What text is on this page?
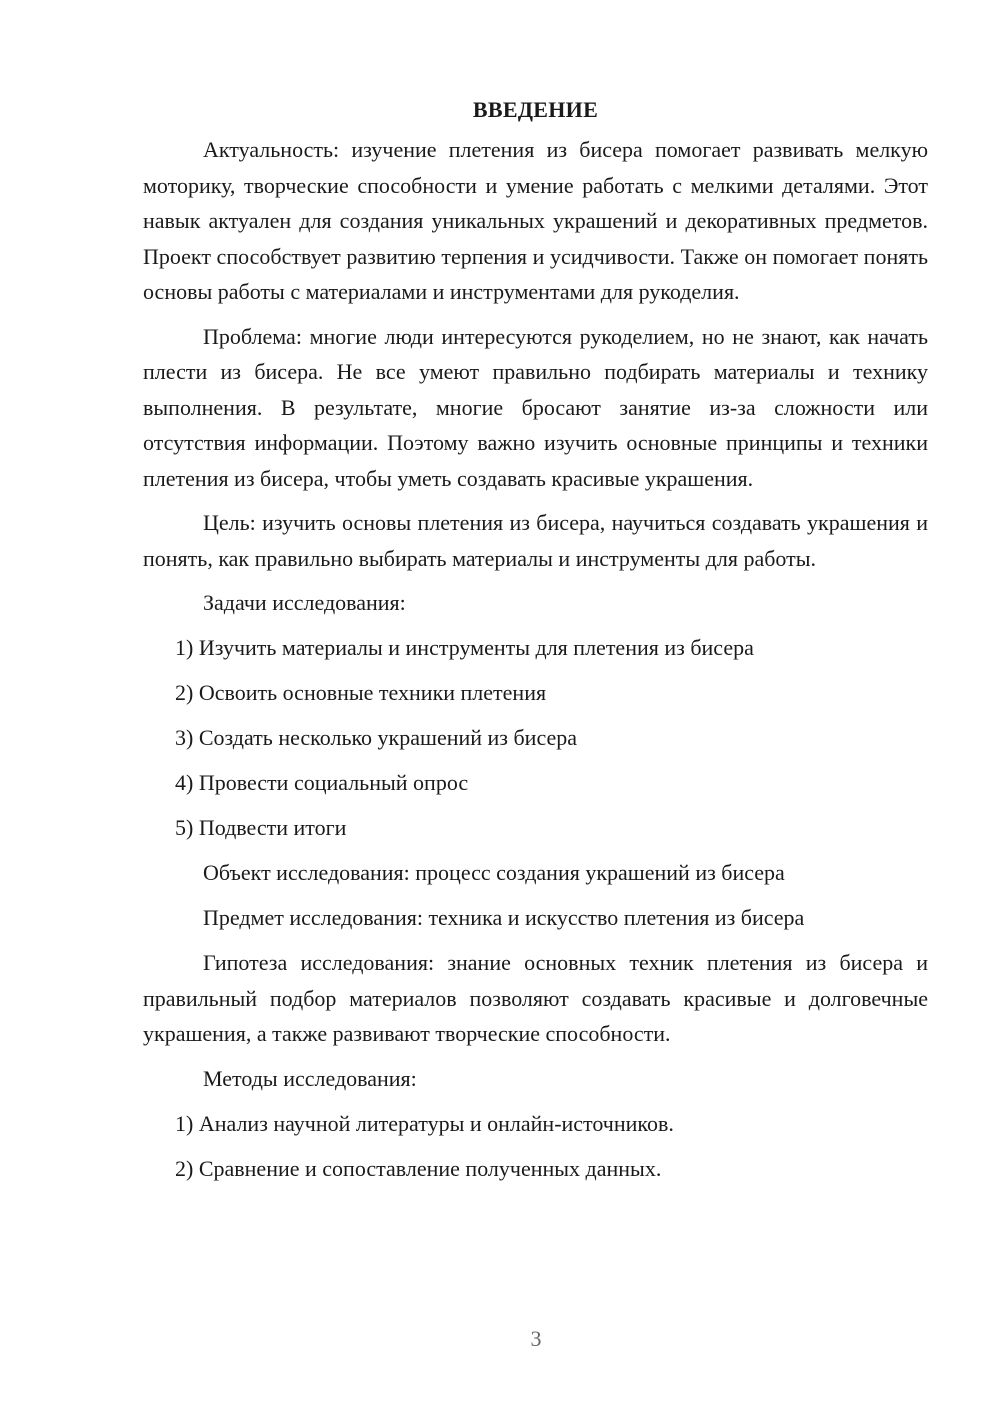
ВВЕДЕНИЕ

Актуальность: изучение плетения из бисера помогает развивать мелкую моторику, творческие способности и умение работать с мелкими деталями. Этот навык актуален для создания уникальных украшений и декоративных предметов. Проект способствует развитию терпения и усидчивости. Также он помогает понять основы работы с материалами и инструментами для рукоделия.

Проблема: многие люди интересуются рукоделием, но не знают, как начать плести из бисера. Не все умеют правильно подбирать материалы и технику выполнения. В результате, многие бросают занятие из-за сложности или отсутствия информации. Поэтому важно изучить основные принципы и техники плетения из бисера, чтобы уметь создавать красивые украшения.

Цель: изучить основы плетения из бисера, научиться создавать украшения и понять, как правильно выбирать материалы и инструменты для работы.

Задачи исследования:
1) Изучить материалы и инструменты для плетения из бисера
2) Освоить основные техники плетения
3) Создать несколько украшений из бисера
4) Провести социальный опрос
5) Подвести итоги
Объект исследования: процесс создания украшений из бисера
Предмет исследования: техника и искусство плетения из бисера

Гипотеза исследования: знание основных техник плетения из бисера и правильный подбор материалов позволяют создавать красивые и долговечные украшения, а также развивают творческие способности.

Методы исследования:
1) Анализ научной литературы и онлайн-источников.
2) Сравнение и сопоставление полученных данных.
3
